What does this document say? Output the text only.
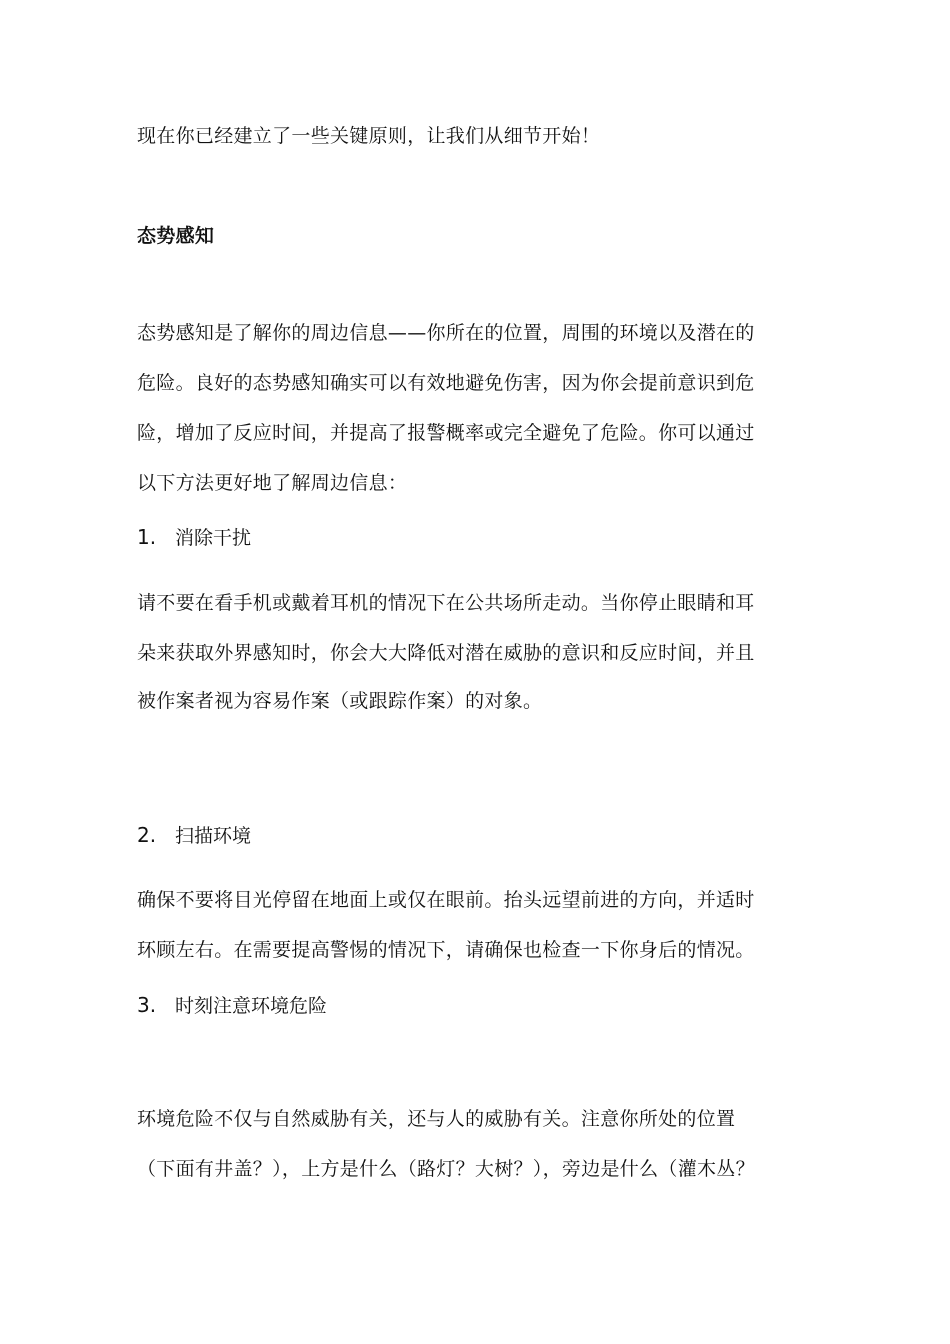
现在你已经建立了一些关键原则，让我们从细节开始！
态势感知
态势感知是了解你的周边信息——你所在的位置，周围的环境以及潜在的
危险。良好的态势感知确实可以有效地避免伤害，因为你会提前意识到危
险，增加了反应时间，并提高了报警概率或完全避免了危险。你可以通过
以下方法更好地了解周边信息：
1. 消除干扰
请不要在看手机或戴着耳机的情况下在公共场所走动。当你停止眼睛和耳
朵来获取外界感知时，你会大大降低对潜在威胁的意识和反应时间，并且
被作案者视为容易作案（或跟踪作案）的对象。
2. 扫描环境
确保不要将目光停留在地面上或仅在眼前。抬头远望前进的方向，并适时
环顾左右。在需要提高警惕的情况下，请确保也检查一下你身后的情况。
3. 时刻注意环境危险
环境危险不仅与自然威胁有关，还与人的威胁有关。注意你所处的位置
（下面有井盖？），上方是什么（路灯？大树？），旁边是什么（灌木丛？
